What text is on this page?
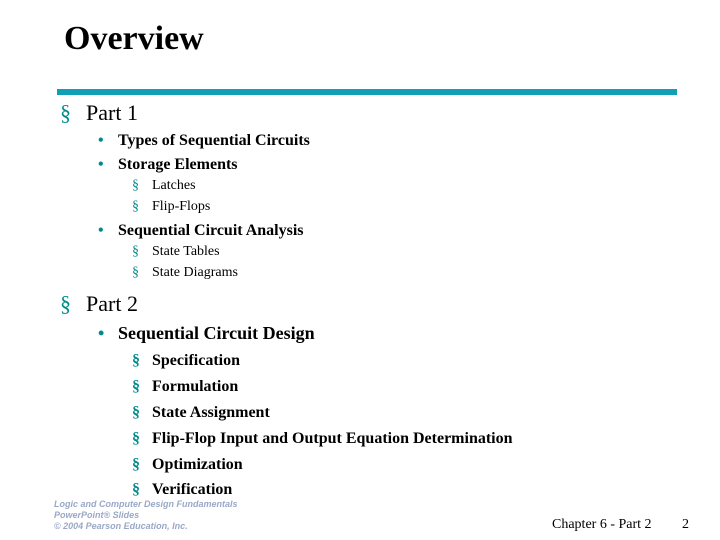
Overview
§ Part 1
• Types of Sequential Circuits
• Storage Elements
§ Latches
§ Flip-Flops
• Sequential Circuit Analysis
§ State Tables
§ State Diagrams
§ Part 2
• Sequential Circuit Design
§ Specification
§ Formulation
§ State Assignment
§ Flip-Flop Input and Output Equation Determination
§ Optimization
§ Verification
Logic and Computer Design Fundamentals
PowerPoint® Slides
© 2004 Pearson Education, Inc.	Chapter 6 - Part 2 2
